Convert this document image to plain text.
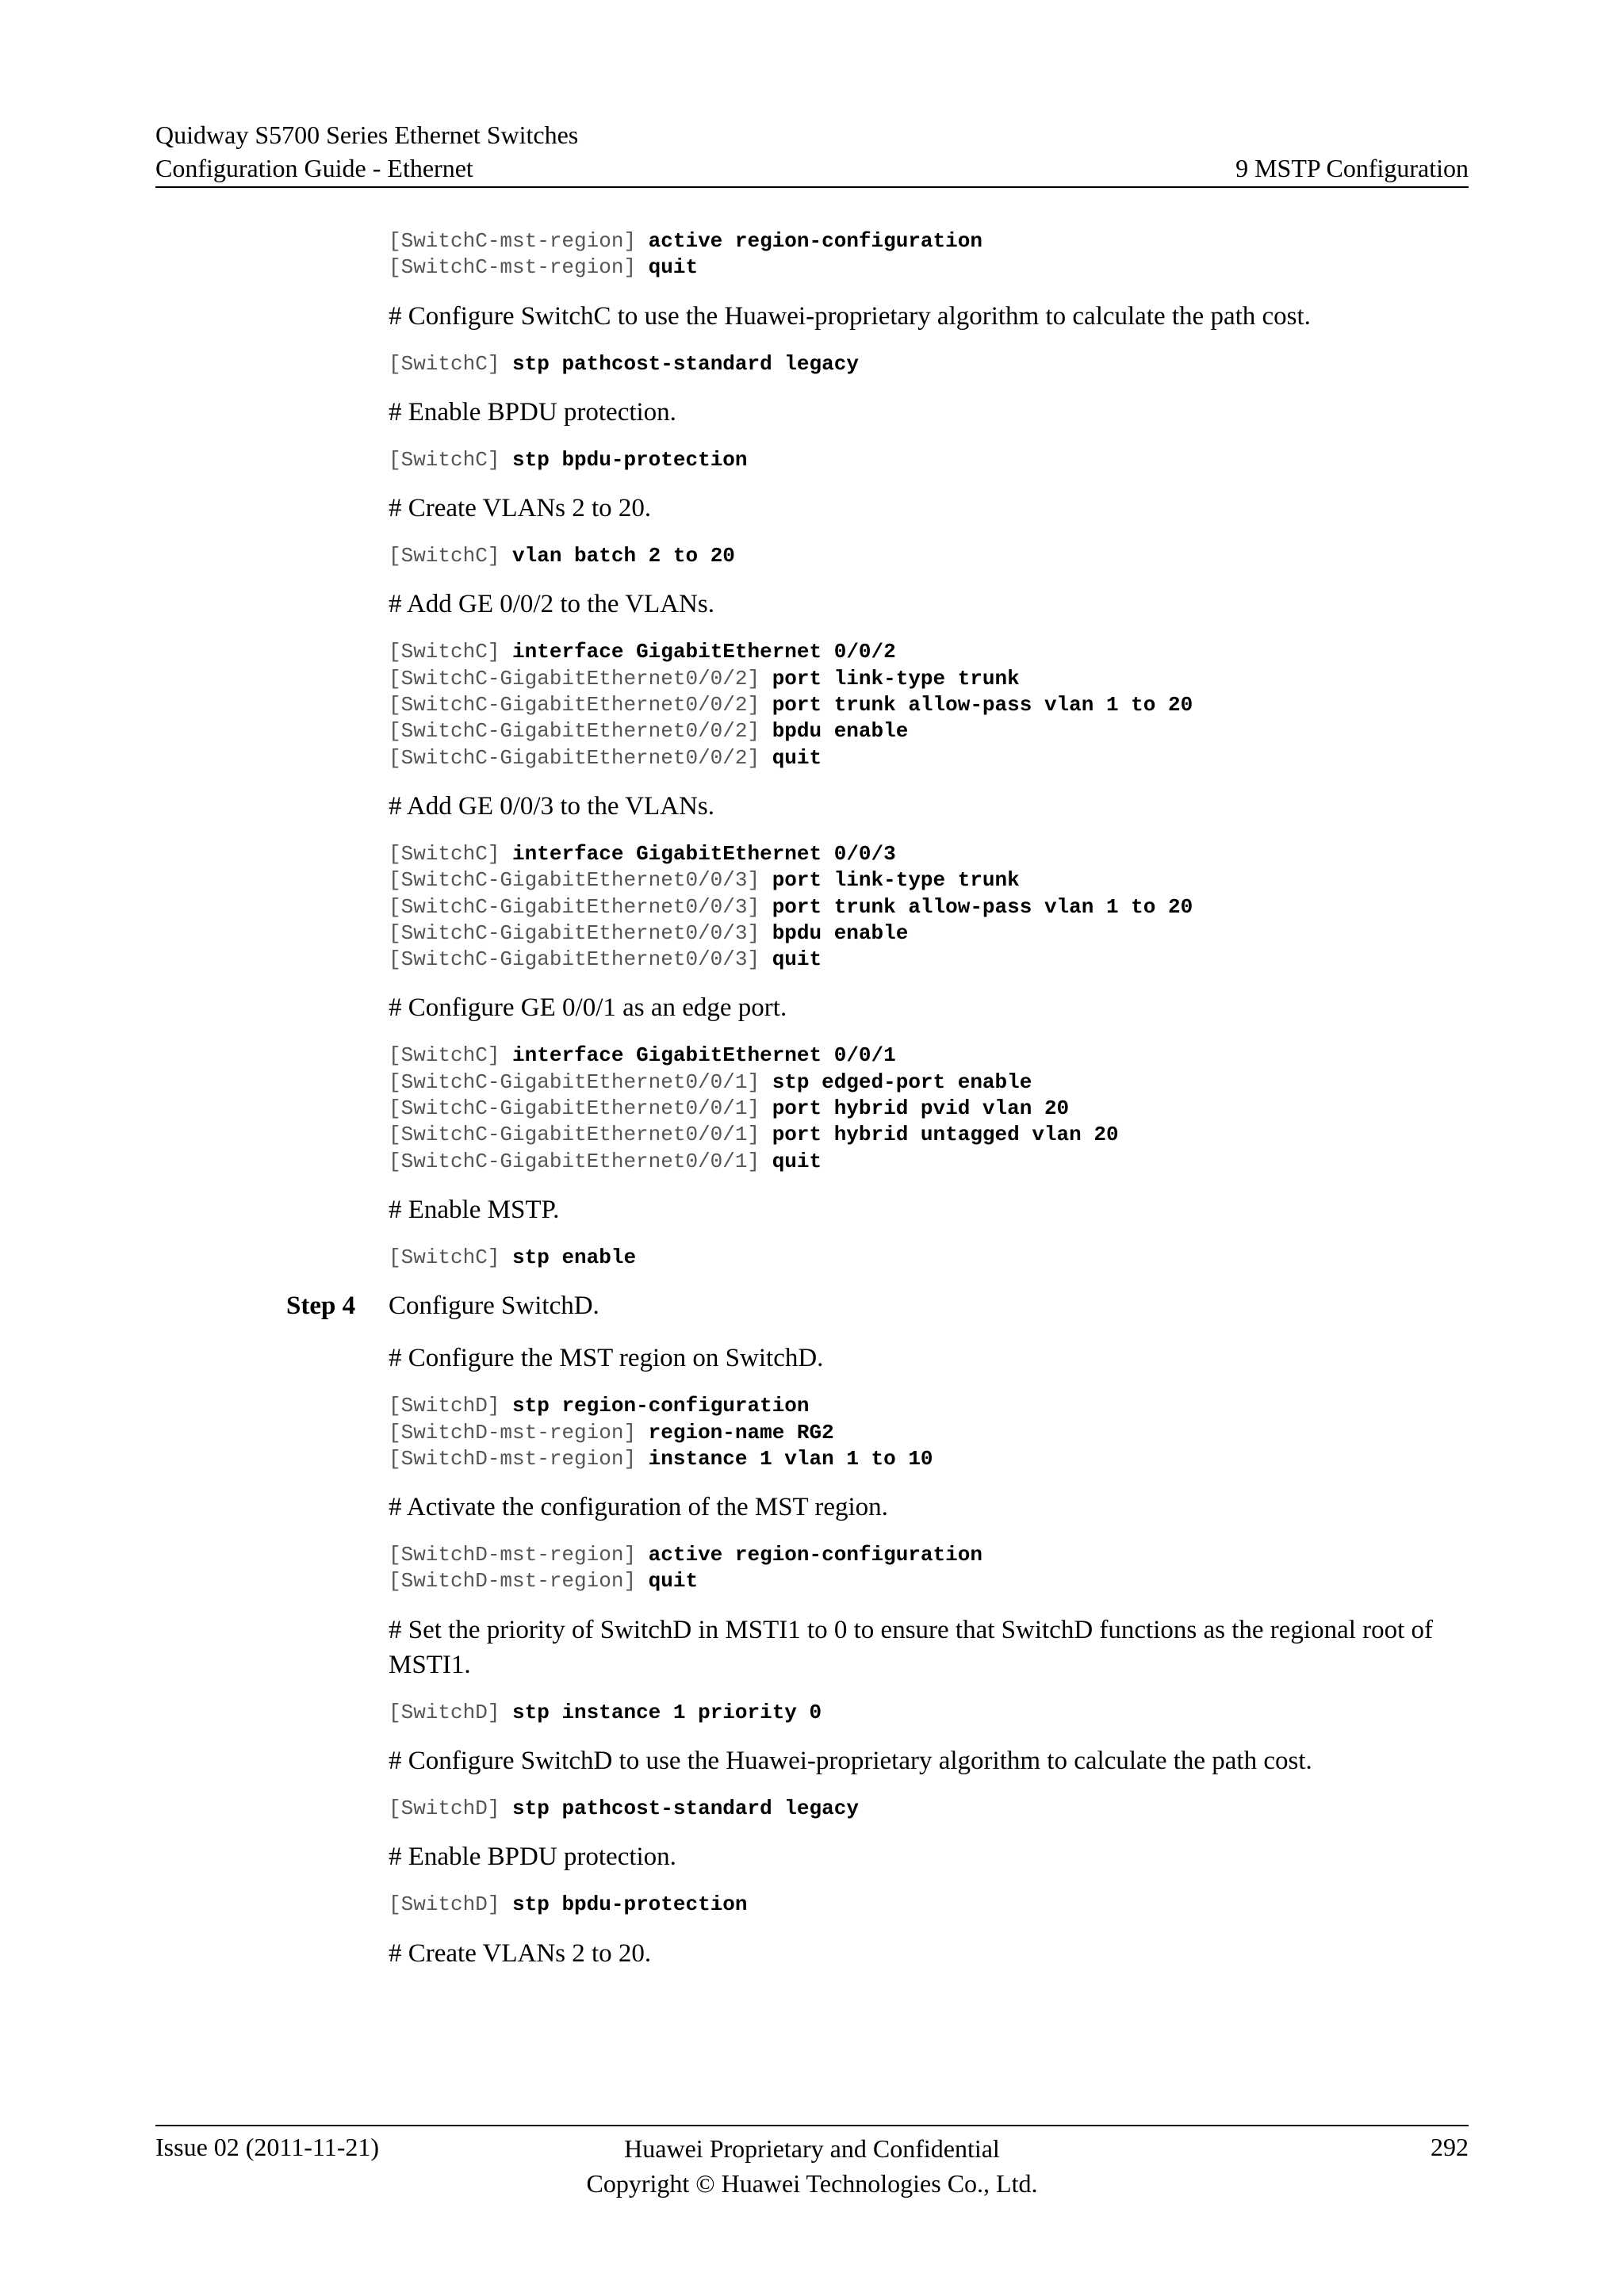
Quidway S5700 Series Ethernet Switches
Configuration Guide - Ethernet	9 MSTP Configuration
[SwitchC-mst-region] active region-configuration
[SwitchC-mst-region] quit
# Configure SwitchC to use the Huawei-proprietary algorithm to calculate the path cost.
[SwitchC] stp pathcost-standard legacy
# Enable BPDU protection.
[SwitchC] stp bpdu-protection
# Create VLANs 2 to 20.
[SwitchC] vlan batch 2 to 20
# Add GE 0/0/2 to the VLANs.
[SwitchC] interface GigabitEthernet 0/0/2
[SwitchC-GigabitEthernet0/0/2] port link-type trunk
[SwitchC-GigabitEthernet0/0/2] port trunk allow-pass vlan 1 to 20
[SwitchC-GigabitEthernet0/0/2] bpdu enable
[SwitchC-GigabitEthernet0/0/2] quit
# Add GE 0/0/3 to the VLANs.
[SwitchC] interface GigabitEthernet 0/0/3
[SwitchC-GigabitEthernet0/0/3] port link-type trunk
[SwitchC-GigabitEthernet0/0/3] port trunk allow-pass vlan 1 to 20
[SwitchC-GigabitEthernet0/0/3] bpdu enable
[SwitchC-GigabitEthernet0/0/3] quit
# Configure GE 0/0/1 as an edge port.
[SwitchC] interface GigabitEthernet 0/0/1
[SwitchC-GigabitEthernet0/0/1] stp edged-port enable
[SwitchC-GigabitEthernet0/0/1] port hybrid pvid vlan 20
[SwitchC-GigabitEthernet0/0/1] port hybrid untagged vlan 20
[SwitchC-GigabitEthernet0/0/1] quit
# Enable MSTP.
[SwitchC] stp enable
Step 4 Configure SwitchD.
# Configure the MST region on SwitchD.
[SwitchD] stp region-configuration
[SwitchD-mst-region] region-name RG2
[SwitchD-mst-region] instance 1 vlan 1 to 10
# Activate the configuration of the MST region.
[SwitchD-mst-region] active region-configuration
[SwitchD-mst-region] quit
# Set the priority of SwitchD in MSTI1 to 0 to ensure that SwitchD functions as the regional root of MSTI1.
[SwitchD] stp instance 1 priority 0
# Configure SwitchD to use the Huawei-proprietary algorithm to calculate the path cost.
[SwitchD] stp pathcost-standard legacy
# Enable BPDU protection.
[SwitchD] stp bpdu-protection
# Create VLANs 2 to 20.
Issue 02 (2011-11-21)	Huawei Proprietary and Confidential
Copyright © Huawei Technologies Co., Ltd.
292
